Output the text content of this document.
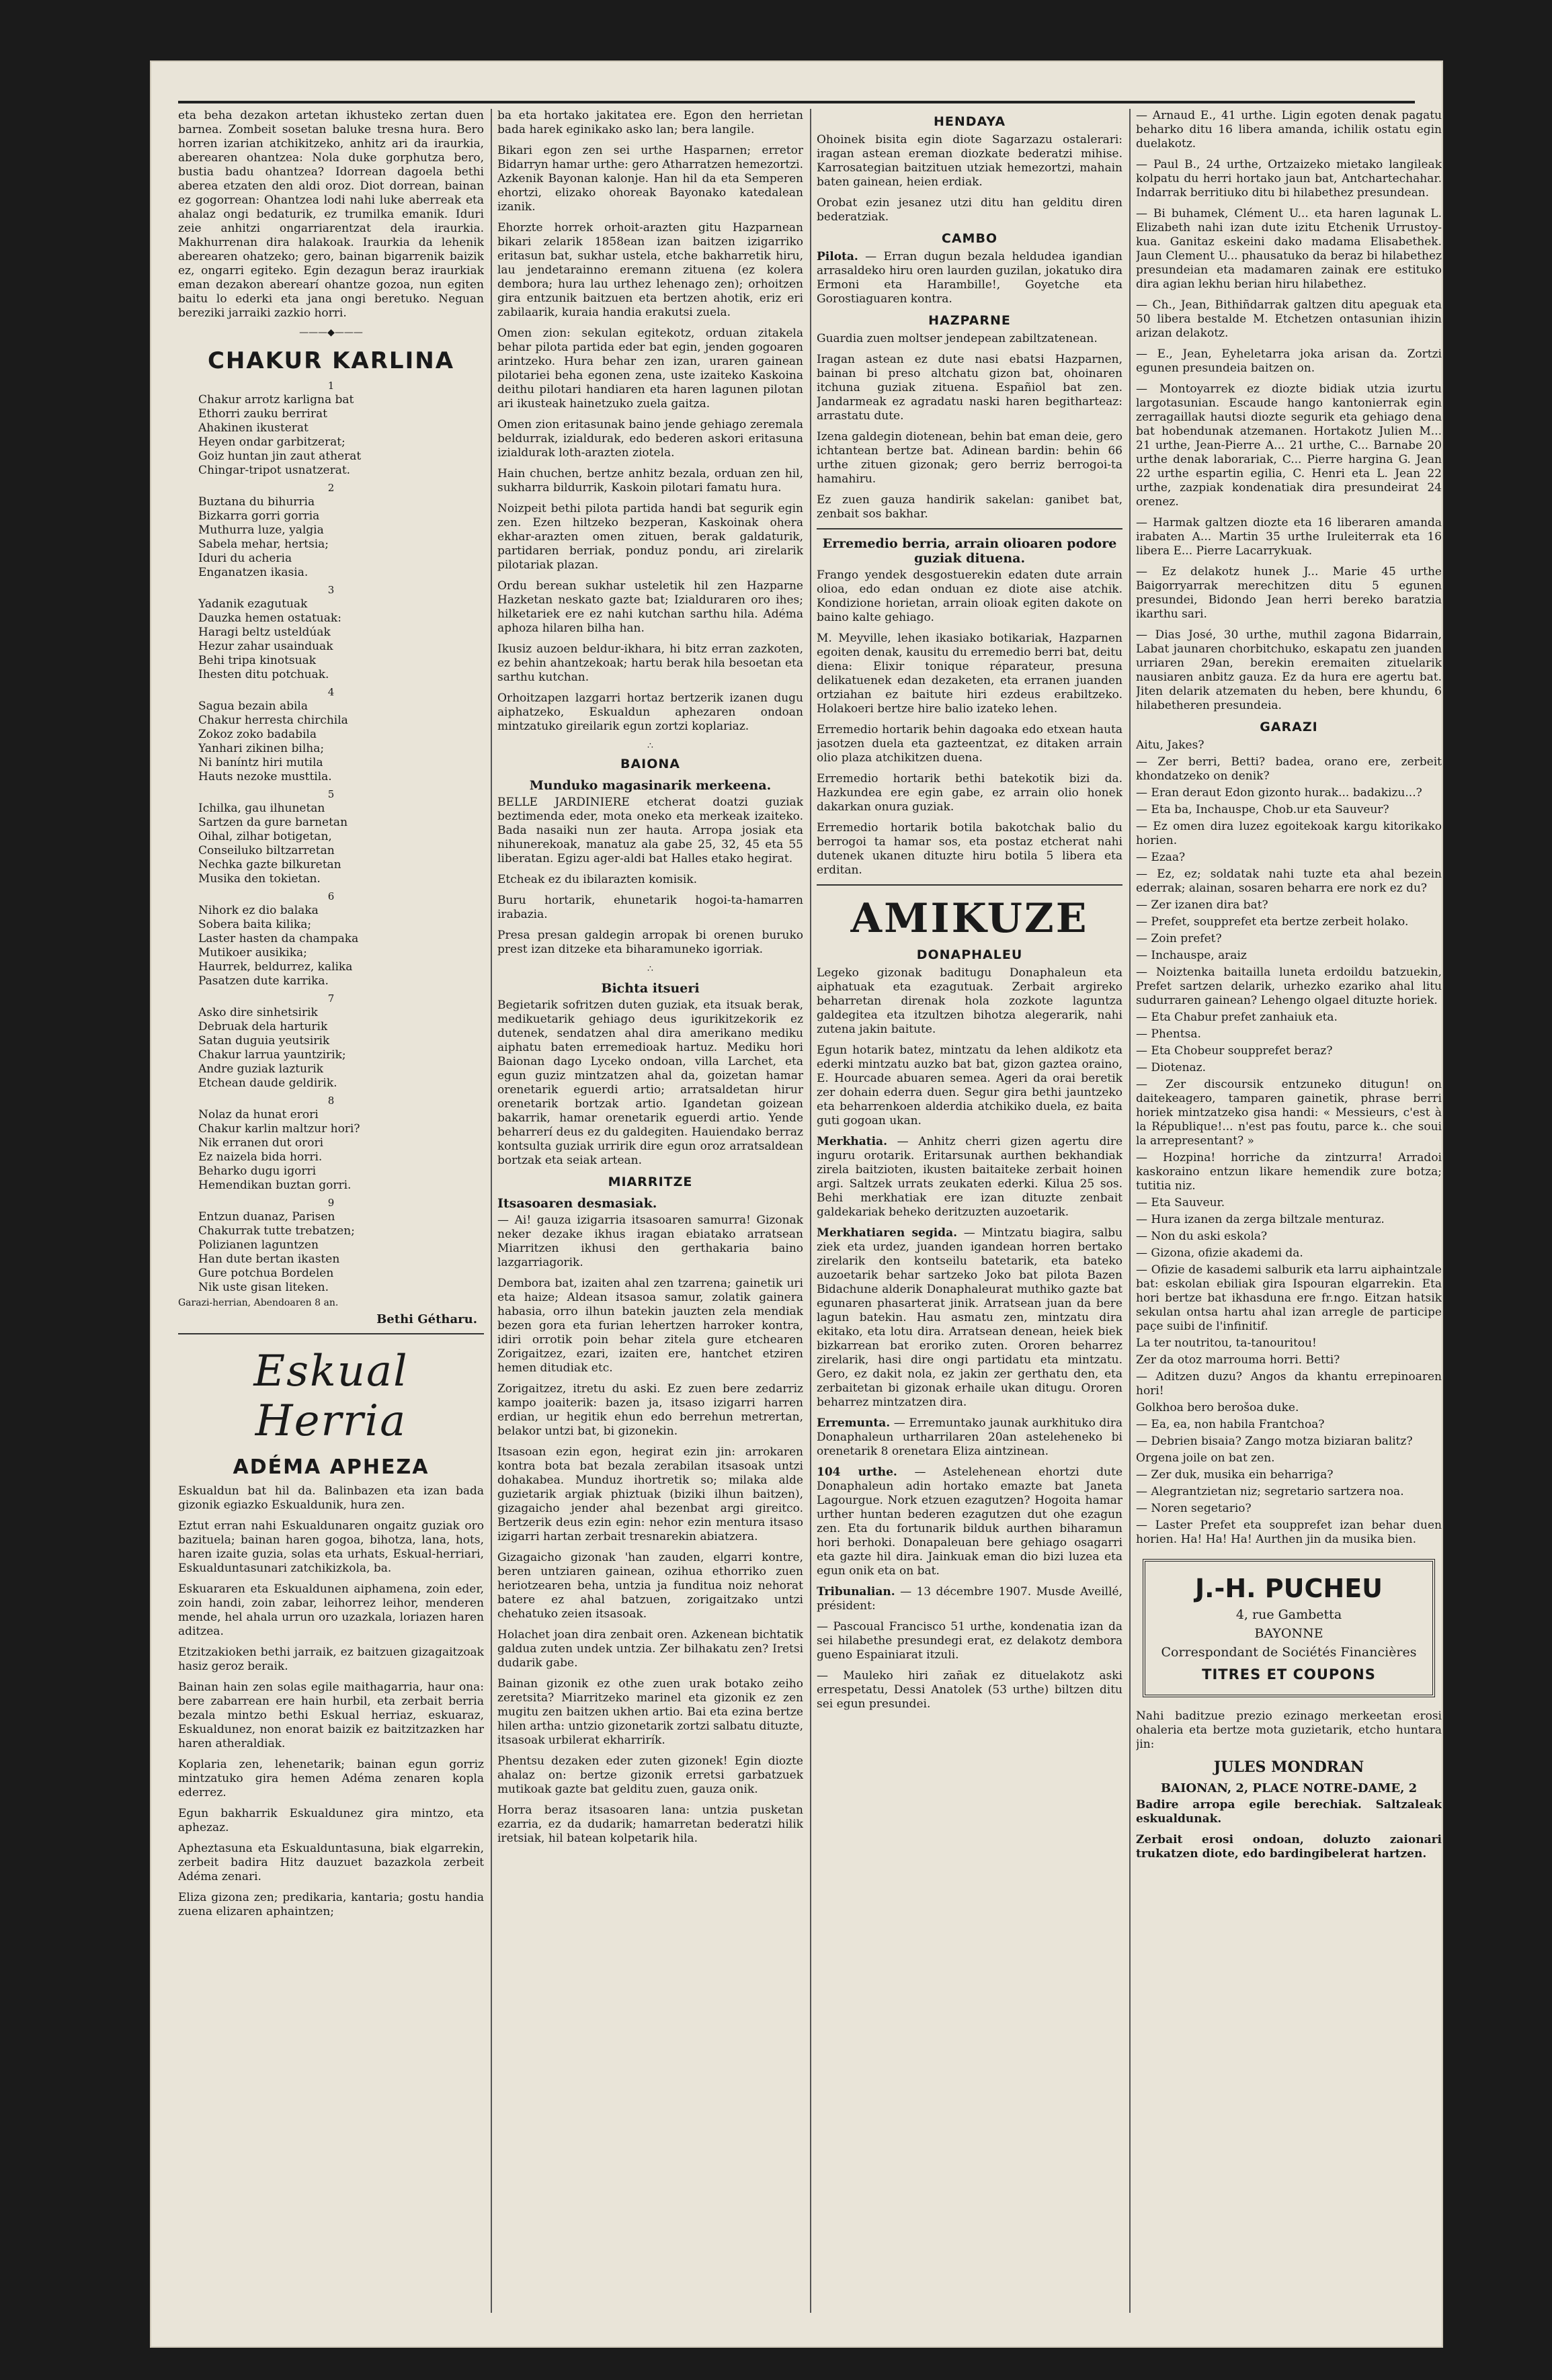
eta beha dezakon artetan ikhusteko zertan duen barnea. Zombeit sosetan baluke tresna hura. Bero horren izarian atchikitzeko, anhitz ari da iraurkia, aberearen ohantzea: Nola duke gorphutza bero, bustia badu ohantzea? Idorrean dagoela bethi aberea etzaten den aldi oroz. Diot dorrean, bainan ez gogorrean: Ohantzea lodi nahi luke aberreak eta ahalaz ongi bedaturik, ez trumilka emanik. Iduri zeie anhitzi ongarriarentzat dela iraurkia. Makhurrenan dira halakoak. Iraurkia da lehenik aberearen ohatzeko; gero, bainan bigarrenik baizik ez, ongarri egiteko. Egin dezagun beraz iraurkiak eman dezakon aberearí ohantze gozoa, nun egiten baitu lo ederki eta jana ongi beretuko. Neguan bereziki jarraiki zazkio horri.

———◆———
CHAKUR KARLINA
1

Chakur arrotz karligna bat
Ethorri zauku berrirat
Ahakinen ikusterat
Heyen ondar garbitzerat;
Goiz huntan jin zaut atherat
Chingar-tripot usnatzerat.

2

Buztana du bihurria
Bizkarra gorri gorria
Muthurra luze, yalgia
Sabela mehar, hertsia;
Iduri du acheria
Enganatzen ikasia.

3

Yadanik ezagutuak
Dauzka hemen ostatuak:
Haragi beltz usteldúak
Hezur zahar usainduak
Behi tripa kinotsuak
Ihesten ditu potchuak.

4

Sagua bezain abila
Chakur herresta chirchila
Zokoz zoko badabila
Yanhari zikinen bilha;
Ni baníntz hiri mutila
Hauts nezoke musttila.

5

Ichilka, gau ilhunetan
Sartzen da gure barnetan
Oihal, zilhar botigetan,
Conseiluko biltzarretan
Nechka gazte bilkuretan
Musika den tokietan.

6

Nihork ez dio balaka
Sobera baita kilika;
Laster hasten da champaka
Mutikoer ausikika;
Haurrek, beldurrez, kalika
Pasatzen dute karrika.

7

Asko dire sinhetsirik
Debruak dela harturik
Satan duguia yeutsirik
Chakur larrua yauntzirik;
Andre guziak lazturik
Etchean daude geldirik.

8

Nolaz da hunat erori
Chakur karlin maltzur hori?
Nik erranen dut orori
Ez naizela bida horri.
Beharko dugu igorri
Hemendikan buztan gorri.

9

Entzun duanaz, Parisen
Chakurrak tutte trebatzen;
Polizianen laguntzen
Han dute bertan ikasten
Gure potchua Bordelen
Nik uste gisan liteken.

Garazi-herrian, Abendoaren 8 an.

Bethi Gétharu.

Eskual Herria
ADÉMA APHEZA

Eskualdun bat hil da. Balinbazen eta izan bada gizonik egiazko Eskualdunik, hura zen.

Eztut erran nahi Eskualdunaren ongaitz guziak oro bazituela; bainan haren gogoa, bihotza, lana, hots, haren izaite guzia, solas eta urhats, Eskual-herriari, Eskualduntasunari zatchikizkola, ba.

Eskuararen eta Eskualdunen aiphamena, zoin eder, zoin handi, zoin zabar, leihorrez leihor, menderen mende, hel ahala urrun oro uzazkala, loriazen haren aditzea.

Etzitzakioken bethi jarraik, ez baitzuen gizagaitzoak hasiz geroz beraik.

Bainan hain zen solas egile maithagarria, haur ona: bere zabarrean ere hain hurbil, eta zerbait berria bezala mintzo bethi Eskual herriaz, eskuaraz, Eskualdunez, non enorat baizik ez baitzitzazken har haren atheraldiak.

Koplaria zen, lehenetarik; bainan egun gorriz mintzatuko gira hemen Adéma zenaren kopla ederrez.

Egun bakharrik Eskualdunez gira mintzo, eta aphezaz.

Apheztasuna eta Eskualduntasuna, biak elgarrekin, zerbeit badira Hitz dauzuet bazazkola zerbeit Adéma zenari.

Eliza gizona zen; predikaria, kantaria; gostu handia zuena elizaren aphaintzen;

ba eta hortako jakitatea ere. Egon den herrietan bada harek eginikako asko lan; bera langile.

Bikari egon zen sei urthe Hasparnen; erretor Bidarryn hamar urthe: gero Atharratzen hemezortzi. Azkenik Bayonan kalonje. Han hil da eta Semperen ehortzi, elizako ohoreak Bayonako katedalean izanik.

Ehorzte horrek orhoit-arazten gitu Hazparnean bikari zelarik 1858ean izan baitzen izigarriko eritasun bat, sukhar ustela, etche bakharretik hiru, lau jendetarainno eremann zituena (ez kolera dembora; hura lau urthez lehenago zen); orhoitzen gira entzunik baitzuen eta bertzen ahotik, eriz eri zabilaarik, kuraia handia erakutsi zuela.

Omen zion: sekulan egitekotz, orduan zitakela behar pilota partida eder bat egin, jenden gogoaren arintzeko. Hura behar zen izan, uraren gainean pilotariei beha egonen zena, uste izaiteko Kaskoina deithu pilotari handiaren eta haren lagunen pilotan ari ikusteak hainetzuko zuela gaitza.

Omen zion eritasunak baino jende gehiago zeremala beldurrak, izialdurak, edo bederen askori eritasuna izialdurak loth-arazten ziotela.

Hain chuchen, bertze anhitz bezala, orduan zen hil, sukharra bildurrik, Kaskoin pilotari famatu hura.

Noizpeit bethi pilota partida handi bat segurik egin zen. Ezen hiltzeko bezperan, Kaskoinak ohera ekhar-arazten omen zituen, berak galdaturik, partidaren berriak, ponduz pondu, ari zirelarik pilotariak plazan.

Ordu berean sukhar usteletik hil zen Hazparne Hazketan neskato gazte bat; Izialduraren oro ihes; hilketariek ere ez nahi kutchan sarthu hila. Adéma aphoza hilaren bilha han.

Ikusiz auzoen beldur-ikhara, hi bitz erran zazkoten, ez behin ahantzekoak; hartu berak hila besoetan eta sarthu kutchan.

Orhoitzapen lazgarri hortaz bertzerik izanen dugu aiphatzeko, Eskualdun aphezaren ondoan mintzatuko gireilarik egun zortzi koplariaz.

∴
BAIONA
Munduko magasinarik merkeena.

BELLE JARDINIERE etcherat doatzi guziak beztimenda eder, mota oneko eta merkeak izaiteko. Bada nasaiki nun zer hauta. Arropa josiak eta nihunerekoak, manatuz ala gabe 25, 32, 45 eta 55 liberatan. Egizu ager-aldi bat Halles etako hegirat.

Etcheak ez du ibilarazten komisik.

Buru hortarik, ehunetarik hogoi-ta-hamarren irabazia.

Presa presan galdegin arropak bi orenen buruko prest izan ditzeke eta biharamuneko igorriak.

∴
Bichta itsueri

Begietarik sofritzen duten guziak, eta itsuak berak, medikuetarik gehiago deus igurikitzekorik ez dutenek, sendatzen ahal dira amerikano mediku aiphatu baten erremedioak hartuz. Mediku hori Baionan dago Lyceko ondoan, villa Larchet, eta egun guziz mintzatzen ahal da, goizetan hamar orenetarik eguerdi artio; arratsaldetan hirur orenetarik bortzak artio. Igandetan goizean bakarrik, hamar orenetarik eguerdi artio. Yende beharrerí deus ez du galdegiten. Hauiendako berraz kontsulta guziak urririk dire egun oroz arratsaldean bortzak eta seiak artean.

MIARRITZE
Itsasoaren desmasiak.

— Ai! gauza izigarria itsasoaren samurra! Gizonak neker dezake ikhus iragan ebiatako arratsean Miarritzen ikhusi den gerthakaria baino lazgarriagorik.

Dembora bat, izaiten ahal zen tzarrena; gainetik uri eta haize; Aldean itsasoa samur, zolatik gainera habasia, orro ilhun batekin jauzten zela mendiak bezen gora eta furian lehertzen harroker kontra, idiri orrotik poin behar zitela gure etchearen Zorigaitzez, ezari, izaiten ere, hantchet etziren hemen ditudiak etc.

Zorigaitzez, itretu du aski. Ez zuen bere zedarriz kampo joaiterik: bazen ja, itsaso izigarri harren erdian, ur hegitik ehun edo berrehun metrertan, belakor untzi bat, bi gizonekin.

Itsasoan ezin egon, hegirat ezin jin: arrokaren kontra bota bat bezala zerabilan itsasoak untzi dohakabea. Munduz ihortretik so; milaka alde guzietarik argiak phiztuak (biziki ilhun baitzen), gizagaicho jender ahal bezenbat argi gireitco. Bertzerik deus ezin egin: nehor ezin mentura itsaso izigarri hartan zerbait tresnarekin abiatzera.

Gizagaicho gizonak 'han zauden, elgarri kontre, beren untziaren gainean, ozihua ethorriko zuen heriotzearen beha, untzia ja funditua noiz nehorat batere ez ahal batzuen, zorigaitzako untzi chehatuko zeien itsasoak.

Holachet joan dira zenbait oren. Azkenean bichtatik galdua zuten undek untzia. Zer bilhakatu zen? Iretsi dudarik gabe.

Bainan gizonik ez othe zuen urak botako zeiho zeretsita? Miarritzeko marinel eta gizonik ez zen mugitu zen baitzen ukhen artio. Bai eta ezina bertze hilen artha: untzio gizonetarik zortzi salbatu dituzte, itsasoak urbilerat ekharrirík.

Phentsu dezaken eder zuten gizonek! Egin diozte ahalaz on: bertze gizonik erretsi garbatzuek mutikoak gazte bat gelditu zuen, gauza onik.

Horra beraz itsasoaren lana: untzia pusketan ezarria, ez da dudarik; hamarretan bederatzi hilik iretsiak, hil batean kolpetarik hila.

HENDAYA

Ohoinek bisita egin diote Sagarzazu ostalerari: iragan astean ereman diozkate bederatzi mihise. Karrosategian baitzituen utziak hemezortzi, mahain baten gainean, heien erdiak.

Orobat ezin jesanez utzi ditu han gelditu diren bederatziak.

CAMBO

Pilota. — Erran dugun bezala heldudea igandian arrasaldeko hiru oren laurden guzilan, jokatuko dira Ermoni eta Harambille!, Goyetche eta Gorostiaguaren kontra.

HAZPARNE

Guardia zuen moltser jendepean zabiltzatenean.

Iragan astean ez dute nasi ebatsi Hazparnen, bainan bi preso altchatu gizon bat, ohoinaren itchuna guziak zituena. Españiol bat zen. Jandarmeak ez agradatu naski haren begitharteaz: arrastatu dute.

Izena galdegin diotenean, behin bat eman deie, gero ichtantean bertze bat. Adinean bardin: behin 66 urthe zituen gizonak; gero berriz berrogoi-ta hamahiru.

Ez zuen gauza handirik sakelan: ganibet bat, zenbait sos bakhar.

Erremedio berria, arrain olioaren podore guziak dituena.

Frango yendek desgostuerekin edaten dute arrain olioa, edo edan onduan ez diote aise atchik. Kondizione horietan, arrain olioak egiten dakote on baino kalte gehiago.

M. Meyville, lehen ikasiako botikariak, Hazparnen egoiten denak, kausitu du erremedio berri bat, deitu diena: Elixir tonique réparateur, presuna delikatuenek edan dezaketen, eta erranen juanden ortziahan ez baitute hiri ezdeus erabiltzeko. Holakoeri bertze hire balio izateko lehen.

Erremedio hortarik behin dagoaka edo etxean hauta jasotzen duela eta gazteentzat, ez ditaken arrain olio plaza atchikitzen duena.

Erremedio hortarik bethi batekotik bizi da. Hazkundea ere egin gabe, ez arrain olio honek dakarkan onura guziak.

Erremedio hortarik botila bakotchak balio du berrogoi ta hamar sos, eta postaz etcherat nahi dutenek ukanen dituzte hiru botila 5 libera eta erditan.

AMIKUZE
DONAPHALEU

Legeko gizonak baditugu Donaphaleun eta aiphatuak eta ezagutuak. Zerbait argireko beharretan direnak hola zozkote laguntza galdegitea eta itzultzen bihotza alegerarik, nahi zutena jakin baitute.

Egun hotarik batez, mintzatu da lehen aldikotz eta ederki mintzatu auzko bat bat, gizon gaztea oraino, E. Hourcade abuaren semea. Ageri da orai beretik zer dohain ederra duen. Segur gira bethi jauntzeko eta beharrenkoen alderdia atchikiko duela, ez baita guti gogoan ukan.

Merkhatia. — Anhitz cherri gizen agertu dire inguru orotarik. Eritarsunak aurthen bekhandiak zirela baitzioten, ikusten baitaiteke zerbait hoinen argi. Saltzek urrats zeukaten ederki. Kilua 25 sos. Behi merkhatiak ere izan dituzte zenbait galdekariak beheko deritzuzten auzoetarik.

Merkhatiaren segida. — Mintzatu biagira, salbu ziek eta urdez, juanden igandean horren bertako zirelarik den kontseilu batetarik, eta bateko auzoetarik behar sartzeko Joko bat pilota Bazen Bidachune alderik Donaphaleurat muthiko gazte bat egunaren phasarterat jinik. Arratsean juan da bere lagun batekin. Hau asmatu zen, mintzatu dira ekitako, eta lotu dira. Arratsean denean, heiek biek bizkarrean bat eroriko zuten. Ororen beharrez zirelarik, hasi dire ongi partidatu eta mintzatu. Gero, ez dakit nola, ez jakin zer gerthatu den, eta zerbaitetan bi gizonak erhaile ukan ditugu. Ororen beharrez mintzatzen dira.

Erremunta. — Erremuntako jaunak aurkhituko dira Donaphaleun urtharrilaren 20an asteleheneko bi orenetarik 8 orenetara Eliza aintzinean.

104 urthe. — Astelehenean ehortzi dute Donaphaleun adin hortako emazte bat Janeta Lagourgue. Nork etzuen ezagutzen? Hogoita hamar urther huntan bederen ezagutzen dut ohe ezagun zen. Eta du fortunarik bilduk aurthen biharamun hori berhoki. Donapaleuan bere gehiago osagarri eta gazte hil dira. Jainkuak eman dio bizi luzea eta egun onik eta on bat.

Tribunalian. — 13 décembre 1907. Musde Aveillé, président:

— Pascoual Francisco 51 urthe, kondenatia izan da sei hilabethe presundegi erat, ez delakotz dembora gueno Espainiarat itzuli.

— Mauleko hiri zañak ez dituelakotz aski errespetatu, Dessi Anatolek (53 urthe) biltzen ditu sei egun presundei.

— Arnaud E., 41 urthe. Ligin egoten denak pagatu beharko ditu 16 libera amanda, ichilik ostatu egin duelakotz.

— Paul B., 24 urthe, Ortzaizeko mietako langileak kolpatu du herri hortako jaun bat, Antchartechahar. Indarrak berritiuko ditu bi hilabethez presundean.

— Bi buhamek, Clément U... eta haren lagunak L. Elizabeth nahi izan dute izitu Etchenik Urrustoy-kua. Ganitaz eskeini dako madama Elisabethek. Jaun Clement U... phausatuko da beraz bi hilabethez presundeian eta madamaren zainak ere estituko dira agian lekhu berian hiru hilabethez.

— Ch., Jean, Bithiñdarrak galtzen ditu apeguak eta 50 libera bestalde M. Etchetzen ontasunian ihizin arizan delakotz.

— E., Jean, Eyheletarra joka arisan da. Zortzi egunen presundeia baitzen on.

— Montoyarrek ez diozte bidiak utzia izurtu largotasunian. Escaude hango kantonierrak egin zerragaillak hautsi diozte segurik eta gehiago dena bat hobendunak atzemanen. Hortakotz Julien M... 21 urthe, Jean-Pierre A... 21 urthe, C... Barnabe 20 urthe denak laborariak, C... Pierre hargina G. Jean 22 urthe espartin egilia, C. Henri eta L. Jean 22 urthe, zazpiak kondenatiak dira presundeirat 24 orenez.

— Harmak galtzen diozte eta 16 liberaren amanda irabaten A... Martin 35 urthe Iruleiterrak eta 16 libera E... Pierre Lacarrykuak.

— Ez delakotz hunek J... Marie 45 urthe Baigorryarrak merechitzen ditu 5 egunen presundei, Bidondo Jean herri bereko baratzia ikarthu sari.

— Dias José, 30 urthe, muthil zagona Bidarrain, Labat jaunaren chorbitchuko, eskapatu zen juanden urriaren 29an, berekin eremaiten zituelarik nausiaren anbitz gauza. Ez da hura ere agertu bat. Jiten delarik atzematen du heben, bere khundu, 6 hilabetheren presundeia.

GARAZI

Aitu, Jakes?

— Zer berri, Betti? badea, orano ere, zerbeit khondatzeko on denik?

— Eran deraut Edon gizonto hurak... badakizu...?

— Eta ba, Inchauspe, Chob.ur eta Sauveur?

— Ez omen dira luzez egoitekoak kargu kitorikako horien.

— Ezaa?

— Ez, ez; soldatak nahi tuzte eta ahal bezein ederrak; alainan, sosaren beharra ere nork ez du?

— Zer izanen dira bat?

— Prefet, soupprefet eta bertze zerbeit holako.

— Zoin prefet?

— Inchauspe, araiz

— Noiztenka baitailla luneta erdoildu batzuekin, Prefet sartzen delarik, urhezko ezariko ahal litu sudurraren gainean? Lehengo olgael dituzte horiek.

— Eta Chabur prefet zanhaiuk eta.

— Phentsa.

— Eta Chobeur soupprefet beraz?

— Diotenaz.

— Zer discoursik entzuneko ditugun! on daitekeagero, tamparen gainetik, phrase berri horiek mintzatzeko gisa handi: « Messieurs, c'est à la République!... n'est pas foutu, parce k.. che soui la arrepresentant? »

— Hozpina! horriche da zintzurra! Arradoi kaskoraino entzun likare hemendik zure botza; tutitia niz.

— Eta Sauveur.

— Hura izanen da zerga biltzale menturaz.

— Non du aski eskola?

— Gizona, ofizie akademi da.

— Ofizie de kasademi salburik eta larru aiphaintzale bat: eskolan ebiliak gira Ispouran elgarrekin. Eta hori bertze bat ikhasduna ere fr.ngo. Eitzan hatsik sekulan ontsa hartu ahal izan arregle de participe paçe suibi de l'infinitif.

La ter noutritou, ta-tanouritou!

Zer da otoz marrouma horri. Betti?

— Aditzen duzu? Angos da khantu errepinoaren hori!

Golkhoa bero berošoa duke.

— Ea, ea, non habila Frantchoa?

— Debrien bisaia? Zango motza biziaran balitz?

Orgena joile on bat zen.

— Zer duk, musika ein beharriga?

— Alegrantzietan niz; segretario sartzera noa.

— Noren segetario?

— Laster Prefet eta soupprefet izan behar duen horien. Ha! Ha! Ha! Aurthen jin da musika bien.

J.-H. PUCHEU

4, rue Gambetta

BAYONNE

Correspondant de Sociétés Financières

TITRES ET COUPONS

Nahi baditzue prezio ezinago merkeetan erosi ohaleria eta bertze mota guzietarik, etcho huntara jin:

JULES MONDRAN

BAIONAN, 2, PLACE NOTRE-DAME, 2

Badire arropa egile berechiak. Saltzaleak eskualdunak.

Zerbait erosi ondoan, doluzto zaionari trukatzen diote, edo bardingibelerat hartzen.
